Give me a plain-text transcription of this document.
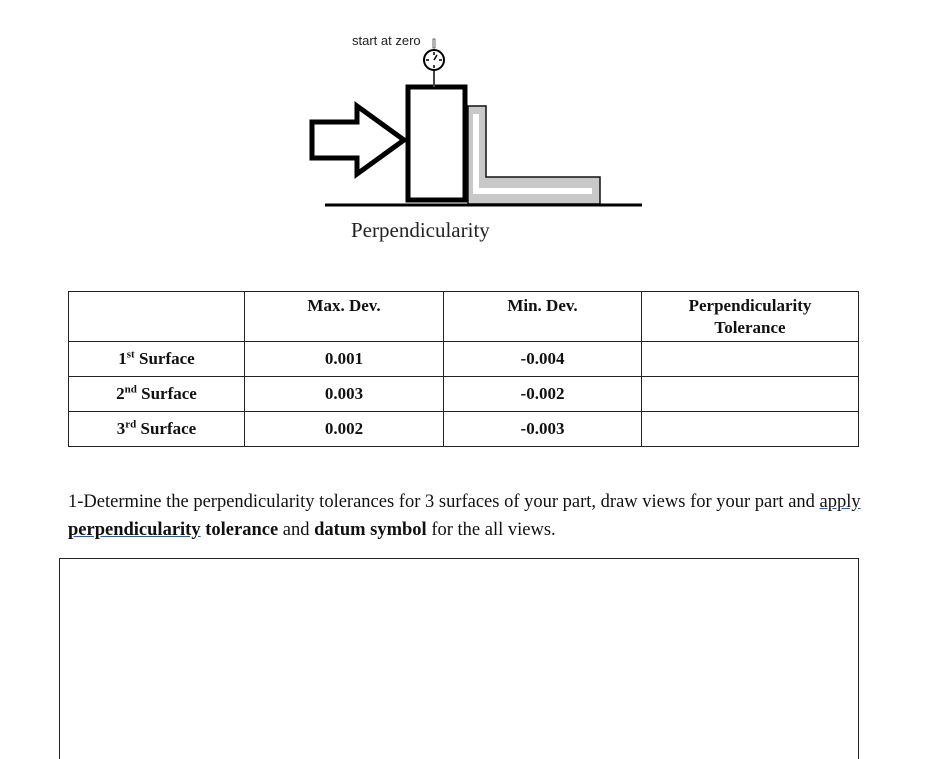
start at zero
Perpendicularity
	Max. Dev.	Min. Dev.	Perpendicularity Tolerance
1st Surface	0.001	-0.004	
2nd Surface	0.003	-0.002	
3rd Surface	0.002	-0.003	
1-Determine the perpendicularity tolerances for 3 surfaces of your part, draw views for your part and apply perpendicularity tolerance and datum symbol for the all views.
